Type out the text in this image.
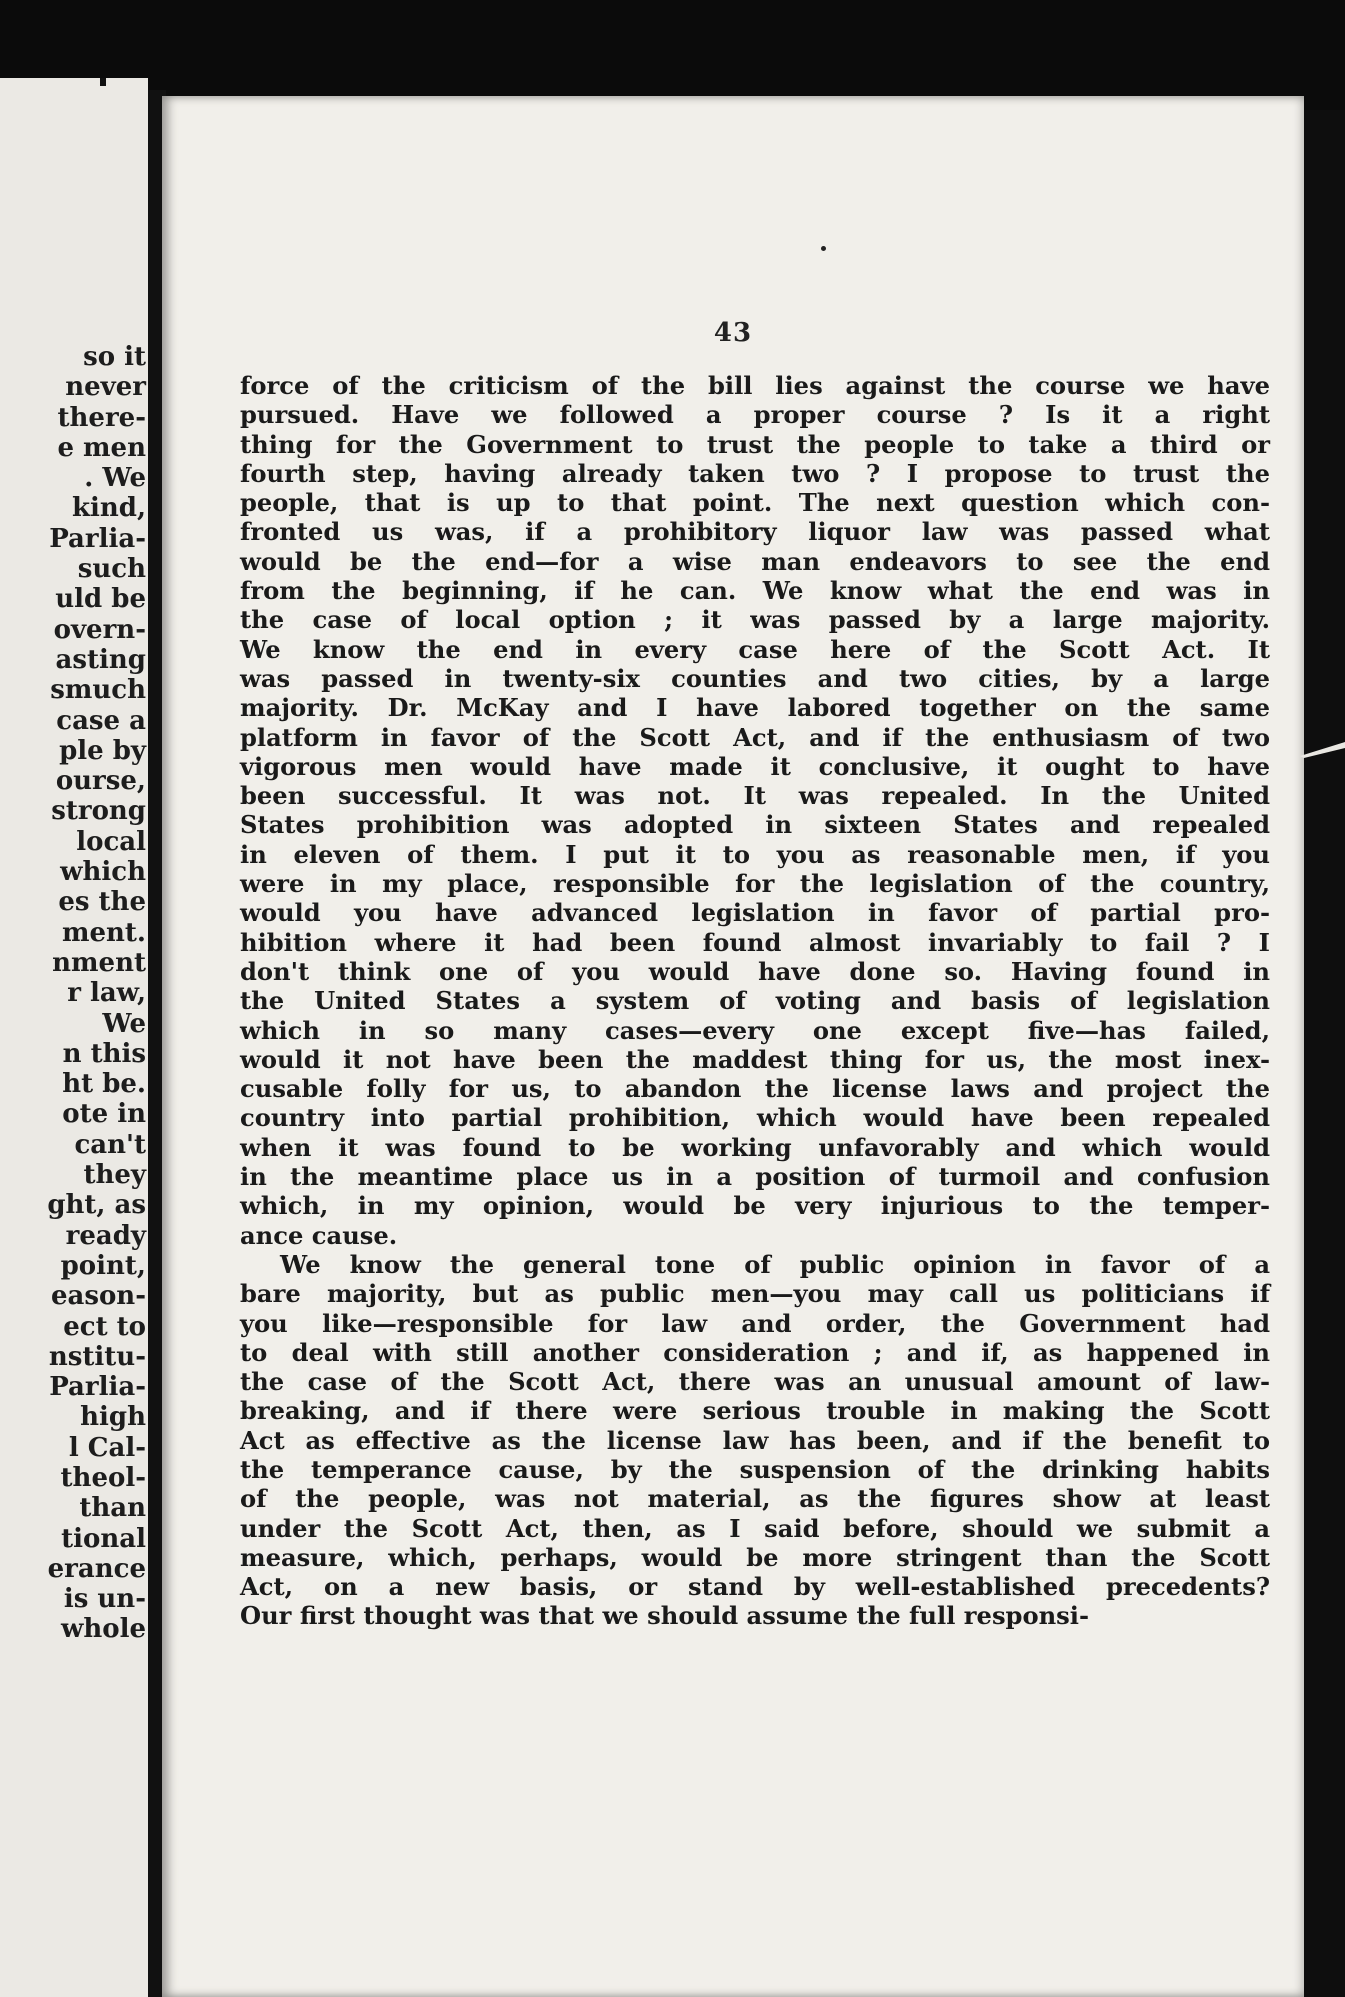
so it
never
there-
e men
. We
kind,
Parlia-
such
uld be
overn-
asting
smuch
case a
ple by
ourse,
strong
local
which
es the
ment.
nment
r law,
We
n this
ht be.
ote in
can't
they
ght, as
ready
point,
eason-
ect to
nstitu-
Parlia-
high
l Cal-
theol-
than
tional
erance
is un-
whole
43
force of the criticism of the bill lies against the course we have
pursued. Have we followed a proper course ? Is it a right
thing for the Government to trust the people to take a third or
fourth step, having already taken two ? I propose to trust the
people, that is up to that point. The next question which con-
fronted us was, if a prohibitory liquor law was passed what
would be the end—for a wise man endeavors to see the end
from the beginning, if he can. We know what the end was in
the case of local option ; it was passed by a large majority.
We know the end in every case here of the Scott Act. It
was passed in twenty-six counties and two cities, by a large
majority. Dr. McKay and I have labored together on the same
platform in favor of the Scott Act, and if the enthusiasm of two
vigorous men would have made it conclusive, it ought to have
been successful. It was not. It was repealed. In the United
States prohibition was adopted in sixteen States and repealed
in eleven of them. I put it to you as reasonable men, if you
were in my place, responsible for the legislation of the country,
would you have advanced legislation in favor of partial pro-
hibition where it had been found almost invariably to fail ? I
don't think one of you would have done so. Having found in
the United States a system of voting and basis of legislation
which in so many cases—every one except five—has failed,
would it not have been the maddest thing for us, the most inex-
cusable folly for us, to abandon the license laws and project the
country into partial prohibition, which would have been repealed
when it was found to be working unfavorably and which would
in the meantime place us in a position of turmoil and confusion
which, in my opinion, would be very injurious to the temper-
ance cause.
We know the general tone of public opinion in favor of a
bare majority, but as public men—you may call us politicians if
you like—responsible for law and order, the Government had
to deal with still another consideration ; and if, as happened in
the case of the Scott Act, there was an unusual amount of law-
breaking, and if there were serious trouble in making the Scott
Act as effective as the license law has been, and if the benefit to
the temperance cause, by the suspension of the drinking habits
of the people, was not material, as the figures show at least
under the Scott Act, then, as I said before, should we submit a
measure, which, perhaps, would be more stringent than the Scott
Act, on a new basis, or stand by well-established precedents?
Our first thought was that we should assume the full responsi-
